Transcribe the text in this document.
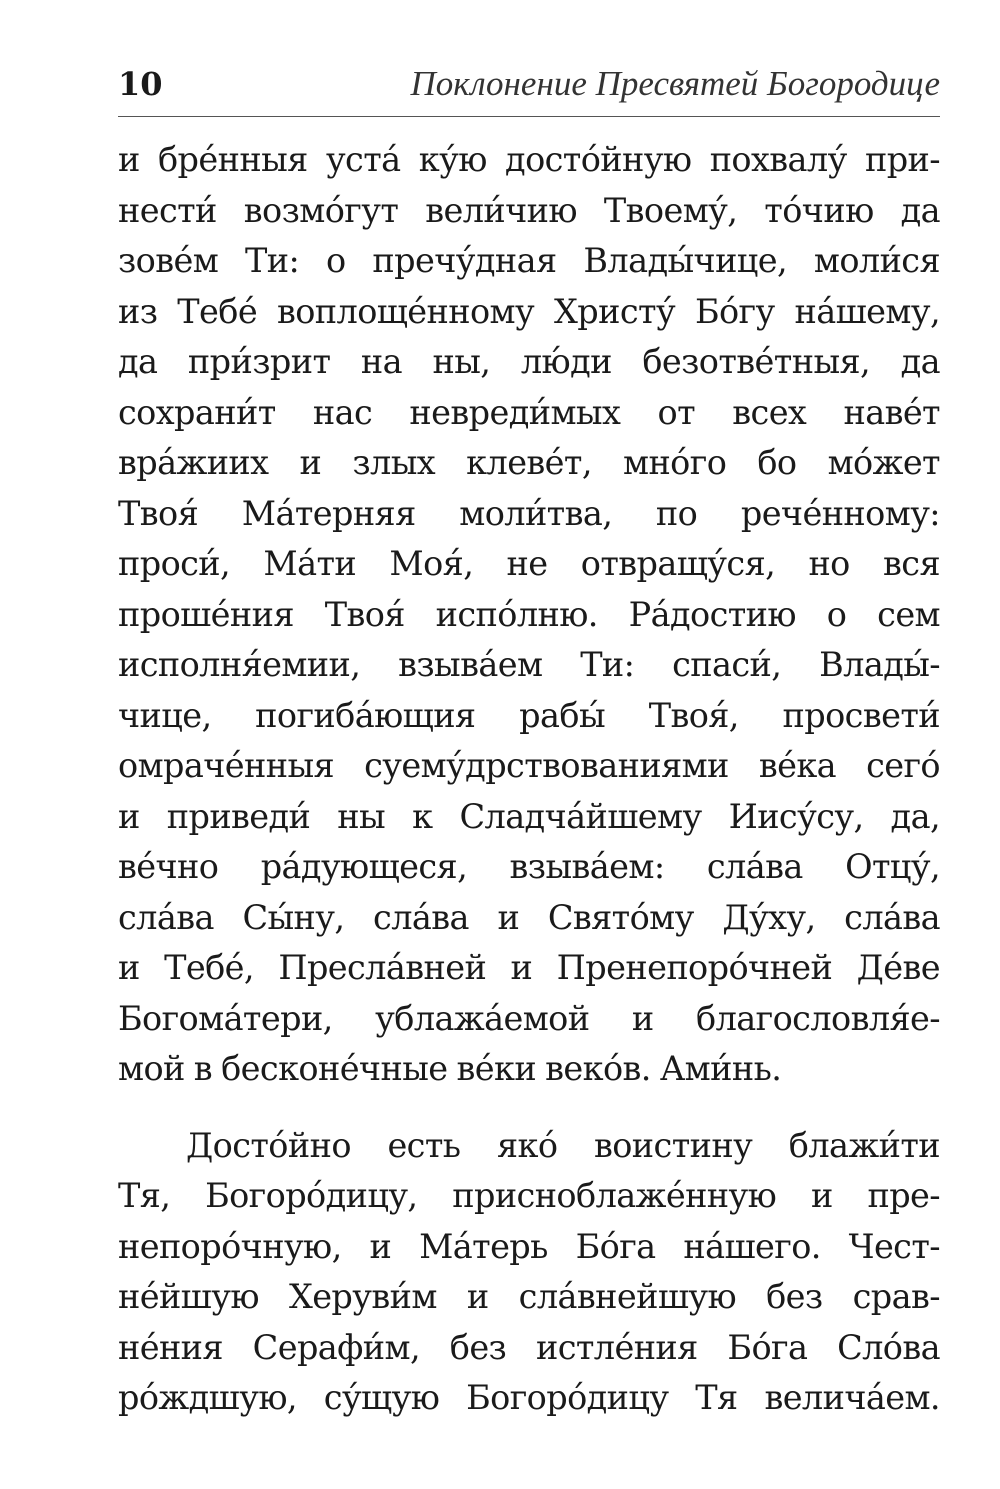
10	Поклонение Пресвятей Богородице
и бре́нныя уста́ ку́ю досто́йную похвалу́ при-
нести́ возмо́гут вели́чию Твоему́, то́чию да
зове́м Ти: о пречу́дная Влады́чице, моли́ся
из Тебе́ воплоще́нному Христу́ Бо́гу на́шему,
да при́зрит на ны, лю́ди безотве́тныя, да
сохрани́т нас невреди́мых от всех наве́т
вра́жиих и злых клеве́т, мно́го бо мо́жет
Твоя́ Ма́терняя моли́тва, по рече́нному:
проси́, Ма́ти Моя́, не отвращу́ся, но вся
проше́ния Твоя́ испо́лню. Ра́достию о сем
исполня́емии, взыва́ем Ти: спаси́, Влады́-
чице, погиба́ющия рабы́ Твоя́, просвети́
омраче́нныя суему́дрствованиями ве́ка сего́
и приведи́ ны к Сладча́йшему Иису́су, да,
ве́чно ра́дующеся, взыва́ем: сла́ва Отцу́,
сла́ва Сы́ну, сла́ва и Свято́му Ду́ху, сла́ва
и Тебе́, Пресла́вней и Пренепоро́чней Де́ве
Богома́тери, ублажа́емой и благословля́е-
мой в бесконе́чные ве́ки веко́в. Ами́нь.
Досто́йно есть яко́ воистину блажи́ти
Тя, Богоро́дицу, присноблаже́нную и пре-
непоро́чную, и Ма́терь Бо́га на́шего. Чест-
не́йшую Херуви́м и сла́внейшую без срав-
не́ния Серафи́м, без истле́ния Бо́га Сло́ва
ро́ждшую, су́щую Богоро́дицу Тя велича́ем.
